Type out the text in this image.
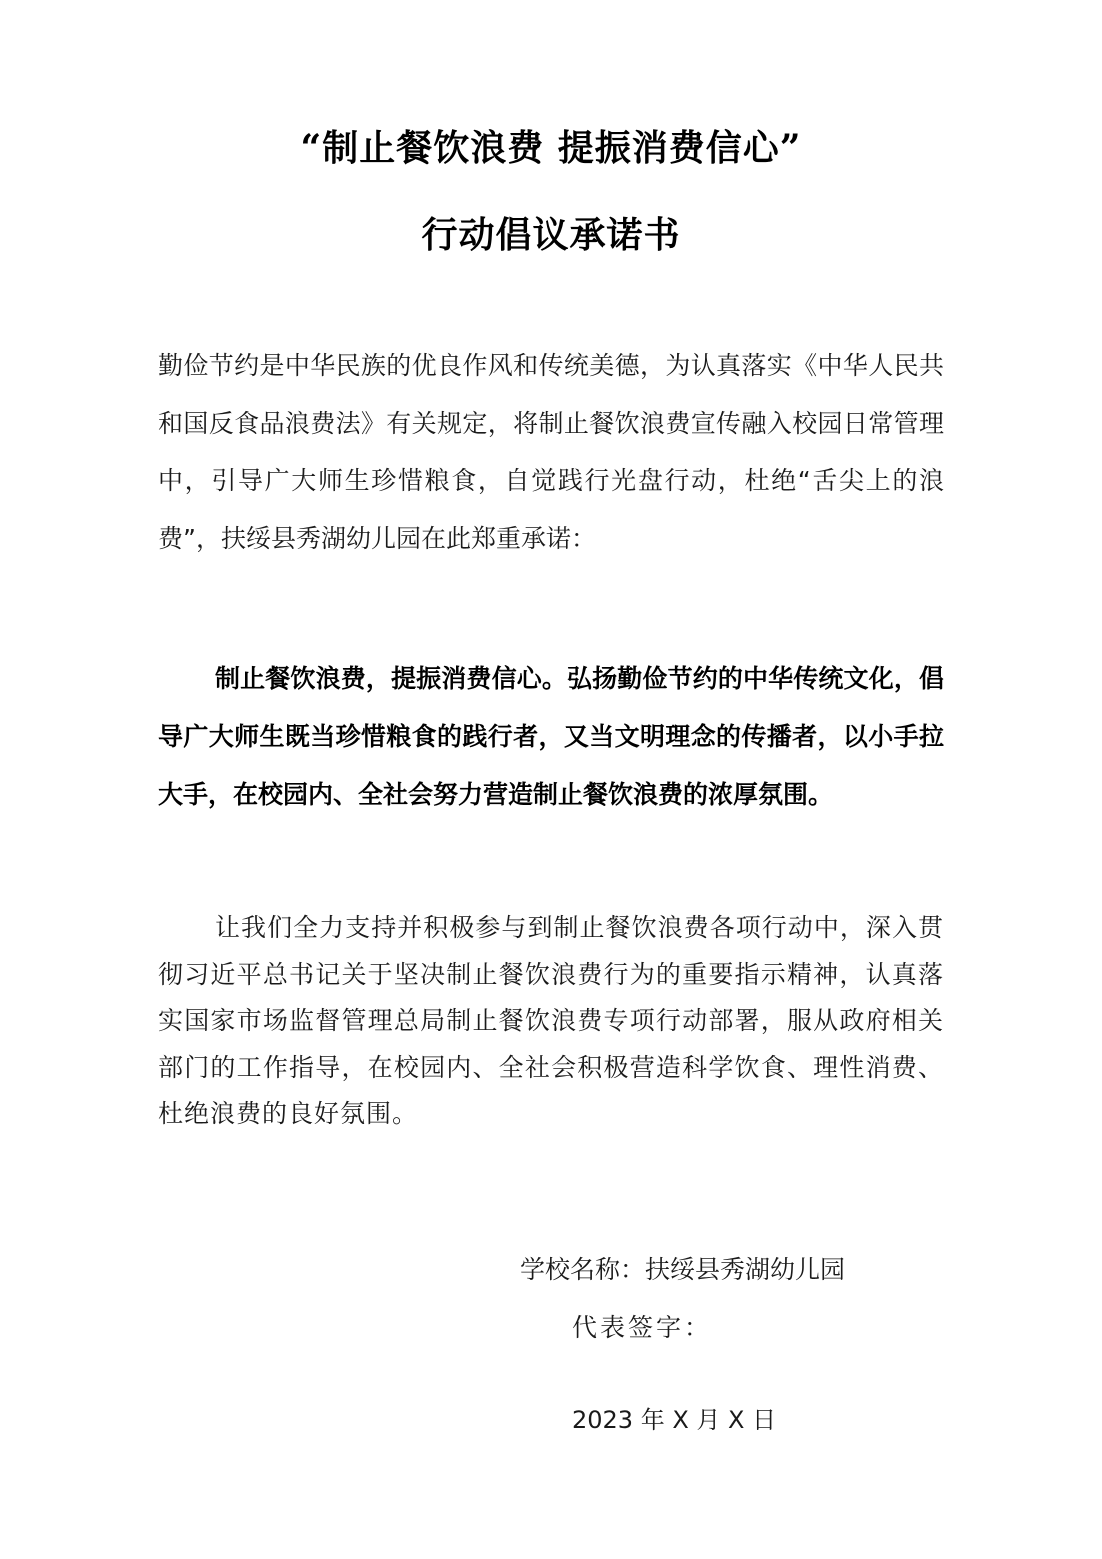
“制止餐饮浪费 提振消费信心”
行动倡议承诺书

勤俭节约是中华民族的优良作风和传统美德，为认真落实《中华人民共和国反食品浪费法》有关规定，将制止餐饮浪费宣传融入校园日常管理中，引导广大师生珍惜粮食，自觉践行光盘行动，杜绝“舌尖上的浪费”，扶绥县秀湖幼儿园在此郑重承诺：

制止餐饮浪费，提振消费信心。弘扬勤俭节约的中华传统文化，倡导广大师生既当珍惜粮食的践行者，又当文明理念的传播者，以小手拉大手，在校园内、全社会努力营造制止餐饮浪费的浓厚氛围。

让我们全力支持并积极参与到制止餐饮浪费各项行动中，深入贯彻习近平总书记关于坚决制止餐饮浪费行为的重要指示精神，认真落实国家市场监督管理总局制止餐饮浪费专项行动部署，服从政府相关部门的工作指导，在校园内、全社会积极营造科学饮食、理性消费、杜绝浪费的良好氛围。

学校名称：扶绥县秀湖幼儿园
代表签字：
2023 年 X 月 X 日
